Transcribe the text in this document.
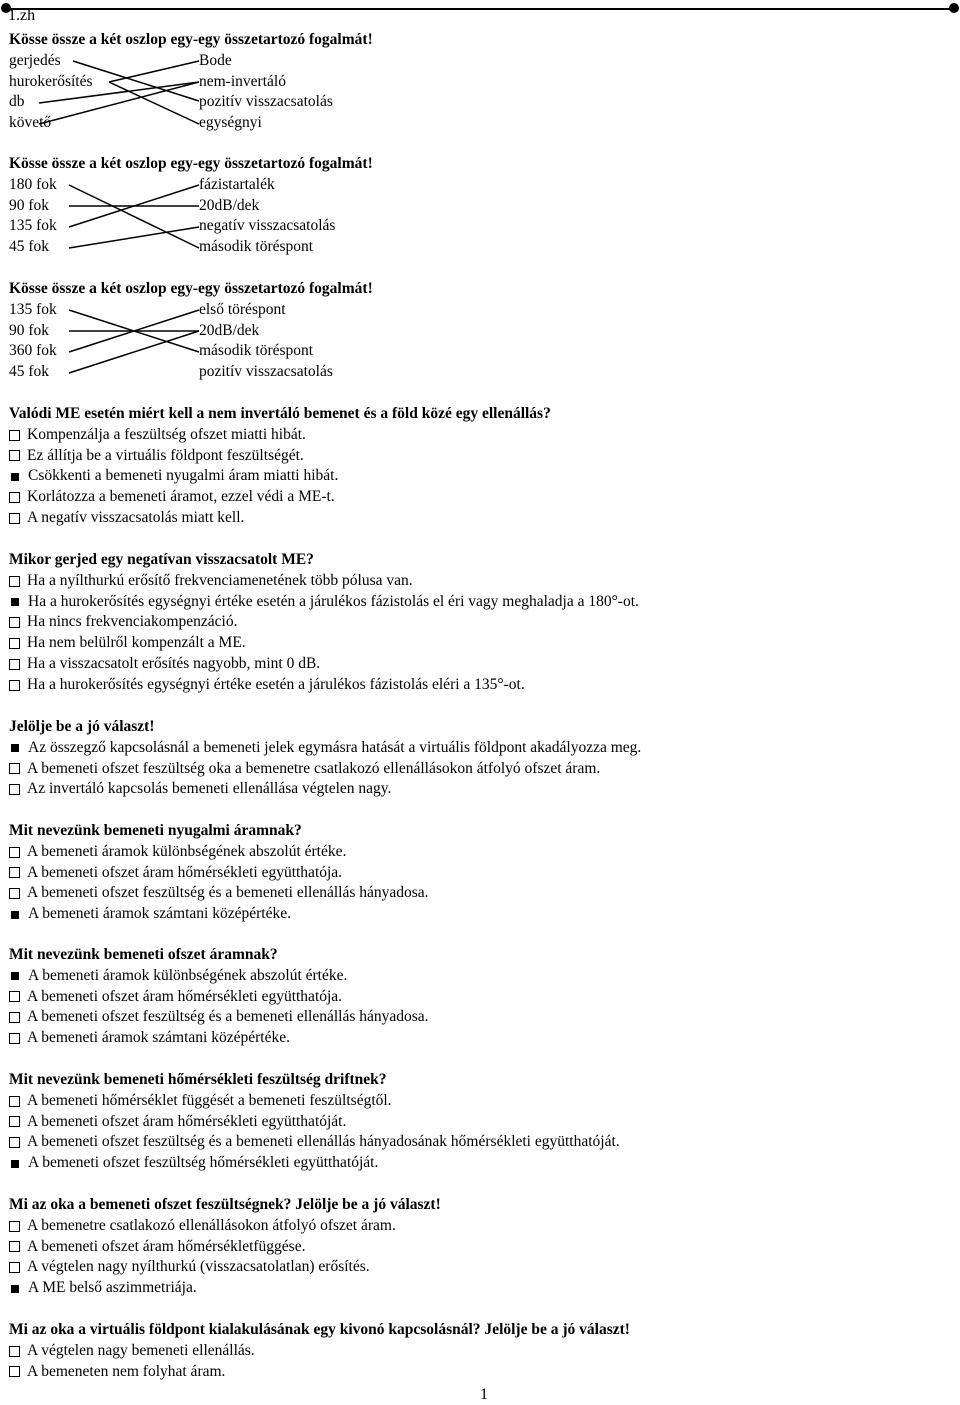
1.zh
Kösse össze a két oszlop egy-egy összetartozó fogalmát!
gerjedés
hurokerősítés
db
követő
Bode
nem-invertáló
pozitív visszacsatolás
egységnyi
Kösse össze a két oszlop egy-egy összetartozó fogalmát!
180 fok
90 fok
135 fok
45 fok
fázistartalék
20dB/dek
negatív visszacsatolás
második töréspont
Kösse össze a két oszlop egy-egy összetartozó fogalmát!
135 fok
90 fok
360 fok
45 fok
első töréspont
20dB/dek
második töréspont
pozitív visszacsatolás
Valódi ME esetén miért kell a nem invertáló bemenet és a föld közé egy ellenállás?
Kompenzálja a feszültség ofszet miatti hibát.
Ez állítja be a virtuális földpont feszültségét.
Csökkenti a bemeneti nyugalmi áram miatti hibát.
Korlátozza a bemeneti áramot, ezzel védi a ME-t.
A negatív visszacsatolás miatt kell.
Mikor gerjed egy negatívan visszacsatolt ME?
Ha a nyílthurkú erősítő frekvenciamenetének több pólusa van.
Ha a hurokerősítés egységnyi értéke esetén a járulékos fázistolás el éri vagy meghaladja a 180°-ot.
Ha nincs frekvenciakompenzáció.
Ha nem belülről kompenzált a ME.
Ha a visszacsatolt erősítés nagyobb, mint 0 dB.
Ha a hurokerősítés egységnyi értéke esetén a járulékos fázistolás eléri a 135°-ot.
Jelölje be a jó választ!
Az összegző kapcsolásnál a bemeneti jelek egymásra hatását a virtuális földpont akadályozza meg.
A bemeneti ofszet feszültség oka a bemenetre csatlakozó ellenállásokon átfolyó ofszet áram.
Az invertáló kapcsolás bemeneti ellenállása végtelen nagy.
Mit nevezünk bemeneti nyugalmi áramnak?
A bemeneti áramok különbségének abszolút értéke.
A bemeneti ofszet áram hőmérsékleti együtthatója.
A bemeneti ofszet feszültség és a bemeneti ellenállás hányadosa.
A bemeneti áramok számtani középértéke.
Mit nevezünk bemeneti ofszet áramnak?
A bemeneti áramok különbségének abszolút értéke.
A bemeneti ofszet áram hőmérsékleti együtthatója.
A bemeneti ofszet feszültség és a bemeneti ellenállás hányadosa.
A bemeneti áramok számtani középértéke.
Mit nevezünk bemeneti hőmérsékleti feszültség driftnek?
A bemeneti hőmérséklet függését a bemeneti feszültségtől.
A bemeneti ofszet áram hőmérsékleti együtthatóját.
A bemeneti ofszet feszültség és a bemeneti ellenállás hányadosának hőmérsékleti együtthatóját.
A bemeneti ofszet feszültség hőmérsékleti együtthatóját.
Mi az oka a bemeneti ofszet feszültségnek? Jelölje be a jó választ!
A bemenetre csatlakozó ellenállásokon átfolyó ofszet áram.
A bemeneti ofszet áram hőmérsékletfüggése.
A végtelen nagy nyílthurkú (visszacsatolatlan) erősítés.
A ME belső aszimmetriája.
Mi az oka a virtuális földpont kialakulásának egy kivonó kapcsolásnál? Jelölje be a jó választ!
A végtelen nagy bemeneti ellenállás.
A bemeneten nem folyhat áram.
1
